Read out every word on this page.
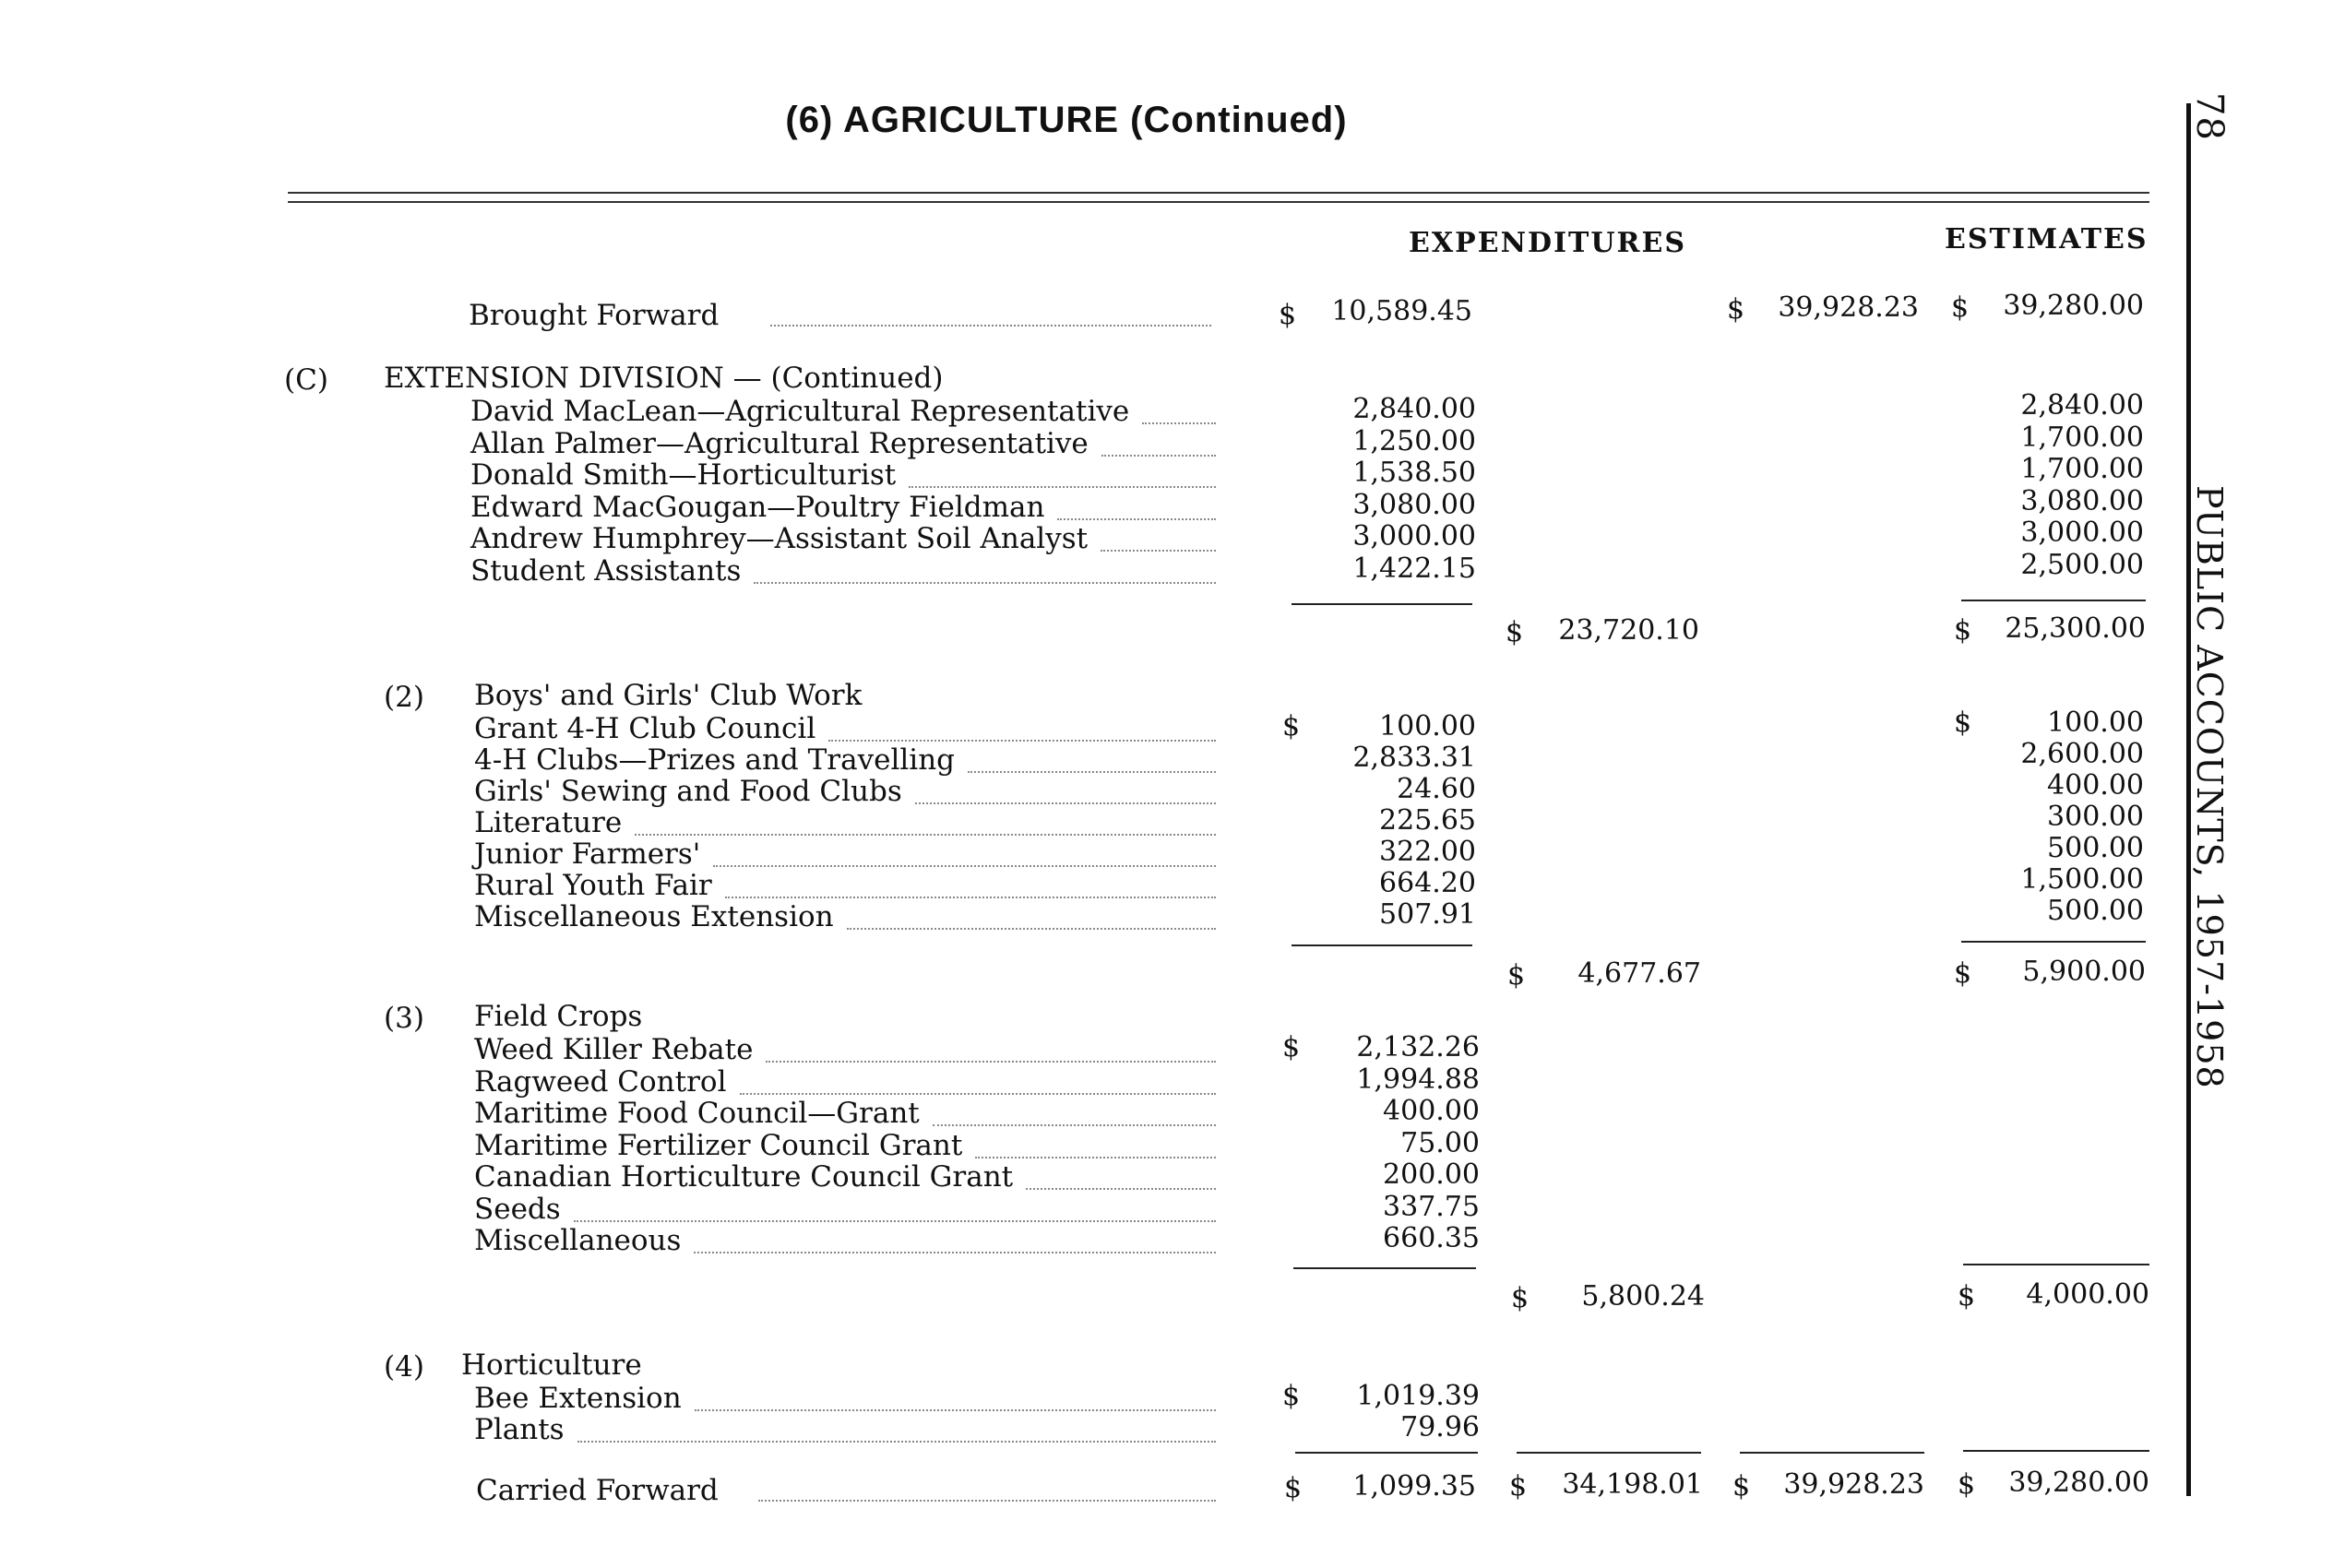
(6) AGRICULTURE (Continued)	78 PUBLIC ACCOUNTS, 1957-1958
EXPENDITURES	ESTIMATES
Brought Forward	$	10,589.45	$	39,928.23 $	39,280.00
(C) EXTENSION DIVISION — (Continued)
David MacLean—Agricultural Representative	2,840.00	2,840.00
Allan Palmer—Agricultural Representative	1,250.00	1,700.00
Donald Smith—Horticulturist	1,538.50	1,700.00
Edward MacGougan—Poultry Fieldman	3,080.00	3,080.00
Andrew Humphrey—Assistant Soil Analyst	3,000.00	3,000.00
Student Assistants	1,422.15	2,500.00
$	23,720.10	$	25,300.00
(2) Boys' and Girls' Club Work
Grant 4-H Club Council	$	100.00	$	100.00
4-H Clubs—Prizes and Travelling	2,833.31	2,600.00
Girls' Sewing and Food Clubs	24.60	400.00
Literature	225.65	300.00
Junior Farmers'	322.00	500.00
Rural Youth Fair	664.20	1,500.00
Miscellaneous Extension	507.91	500.00
$	4,677.67	$	5,900.00
(3) Field Crops
Weed Killer Rebate	$	2,132.26
Ragweed Control	1,994.88
Maritime Food Council—Grant	400.00
Maritime Fertilizer Council Grant	75.00
Canadian Horticulture Council Grant	200.00
Seeds	337.75
Miscellaneous	660.35
$	5,800.24	$	4,000.00
(4) Horticulture
Bee Extension	$	1,019.39
Plants	79.96
Carried Forward	$	1,099.35 $	34,198.01 $	39,928.23 $	39,280.00
